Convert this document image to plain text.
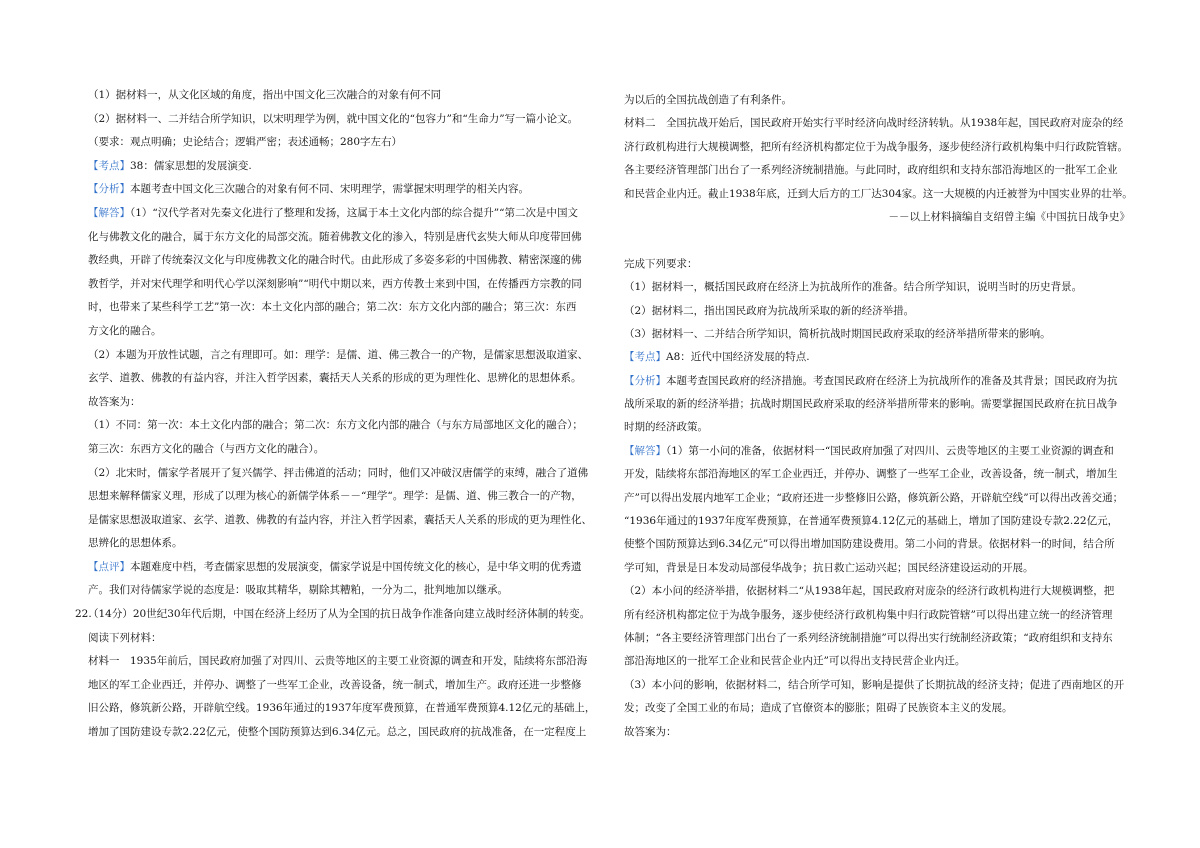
（1）据材料一，从文化区域的角度，指出中国文化三次融合的对象有何不同
（2）据材料一、二并结合所学知识，以宋明理学为例，就中国文化的“包容力”和“生命力”写一篇小论文。
（要求：观点明确；史论结合；逻辑严密；表述通畅；280字左右）
【考点】38：儒家思想的发展演变.
【分析】本题考查中国文化三次融合的对象有何不同、宋明理学，需掌握宋明理学的相关内容。
【解答】（1）“汉代学者对先秦文化进行了整理和发扬，这属于本土文化内部的综合提升”“第二次是中国文
化与佛教文化的融合，属于东方文化的局部交流。随着佛教文化的渗入，特别是唐代玄奘大师从印度带回佛
教经典，开辟了传统秦汉文化与印度佛教文化的融合时代。由此形成了多姿多彩的中国佛教、精密深邃的佛
教哲学，并对宋代理学和明代心学以深刻影响”“明代中期以来，西方传教士来到中国，在传播西方宗教的同
时，也带来了某些科学工艺”第一次：本土文化内部的融合；第二次：东方文化内部的融合；第三次：东西
方文化的融合。
（2）本题为开放性试题，言之有理即可。如：理学：是儒、道、佛三教合一的产物，是儒家思想汲取道家、
玄学、道教、佛教的有益内容，并注入哲学因素，囊括天人关系的形成的更为理性化、思辨化的思想体系。
故答案为：
（1）不同：第一次：本土文化内部的融合；第二次：东方文化内部的融合（与东方局部地区文化的融合）；
第三次：东西方文化的融合（与西方文化的融合）。
（2）北宋时，儒家学者展开了复兴儒学、抨击佛道的活动；同时，他们又冲破汉唐儒学的束缚，融合了道佛
思想来解释儒家义理，形成了以理为核心的新儒学体系－－“理学“。理学：是儒、道、佛三教合一的产物，
是儒家思想汲取道家、玄学、道教、佛教的有益内容，并注入哲学因素，囊括天人关系的形成的更为理性化、
思辨化的思想体系。
【点评】本题难度中档，考查儒家思想的发展演变，儒家学说是中国传统文化的核心，是中华文明的优秀遗
产。我们对待儒家学说的态度是：吸取其精华，剔除其糟粕，一分为二，批判地加以继承。
22.
（14分）20世纪30年代后期，中国在经济上经历了从为全国的抗日战争作准备向建立战时经济体制的转变。
阅读下列材料：
材料一　1935年前后，国民政府加强了对四川、云贵等地区的主要工业资源的调查和开发，陆续将东部沿海
地区的军工企业西迁，并停办、调整了一些军工企业，改善设备，统一制式，增加生产。政府还进一步整修
旧公路，修筑新公路，开辟航空线。1936年通过的1937年度军费预算，在普通军费预算4.12亿元的基础上，
增加了国防建设专款2.22亿元，使整个国防预算达到6.34亿元。总之，国民政府的抗战准备，在一定程度上
为以后的全国抗战创造了有利条件。
材料二　全国抗战开始后，国民政府开始实行平时经济向战时经济转轨。从1938年起，国民政府对庞杂的经
济行政机构进行大规模调整，把所有经济机构都定位于为战争服务，逐步使经济行政机构集中归行政院管辖。
各主要经济管理部门出台了一系列经济统制措施。与此同时，政府组织和支持东部沿海地区的一批军工企业
和民营企业内迁。截止1938年底，迁到大后方的工厂达304家。这一大规模的内迁被誉为中国实业界的壮举。
－－以上材料摘编自支绍曾主编《中国抗日战争史》
完成下列要求：
（1）据材料一，概括国民政府在经济上为抗战所作的准备。结合所学知识，说明当时的历史背景。
（2）据材料二，指出国民政府为抗战所采取的新的经济举措。
（3）据材料一、二并结合所学知识，简析抗战时期国民政府采取的经济举措所带来的影响。
【考点】A8：近代中国经济发展的特点.
【分析】本题考查国民政府的经济措施。考查国民政府在经济上为抗战所作的准备及其背景；国民政府为抗
战所采取的新的经济举措；抗战时期国民政府采取的经济举措所带来的影响。需要掌握国民政府在抗日战争
时期的经济政策。
【解答】（1）第一小问的准备，依据材料一“国民政府加强了对四川、云贵等地区的主要工业资源的调查和
开发，陆续将东部沿海地区的军工企业西迁，并停办、调整了一些军工企业，改善设备，统一制式，增加生
产”可以得出发展内地军工企业；“政府还进一步整修旧公路，修筑新公路，开辟航空线”可以得出改善交通；
“1936年通过的1937年度军费预算，在普通军费预算4.12亿元的基础上，增加了国防建设专款2.22亿元，
使整个国防预算达到6.34亿元”可以得出增加国防建设费用。第二小问的背景。依据材料一的时间，结合所
学可知，背景是日本发动局部侵华战争；抗日救亡运动兴起；国民经济建设运动的开展。
（2）本小问的经济举措，依据材料二“从1938年起，国民政府对庞杂的经济行政机构进行大规模调整，把
所有经济机构都定位于为战争服务，逐步使经济行政机构集中归行政院管辖”可以得出建立统一的经济管理
体制；“各主要经济管理部门出台了一系列经济统制措施”可以得出实行统制经济政策；“政府组织和支持东
部沿海地区的一批军工企业和民营企业内迁”可以得出支持民营企业内迁。
（3）本小问的影响，依据材料二，结合所学可知，影响是提供了长期抗战的经济支持；促进了西南地区的开
发；改变了全国工业的布局；造成了官僚资本的膨胀；阻碍了民族资本主义的发展。
故答案为：
